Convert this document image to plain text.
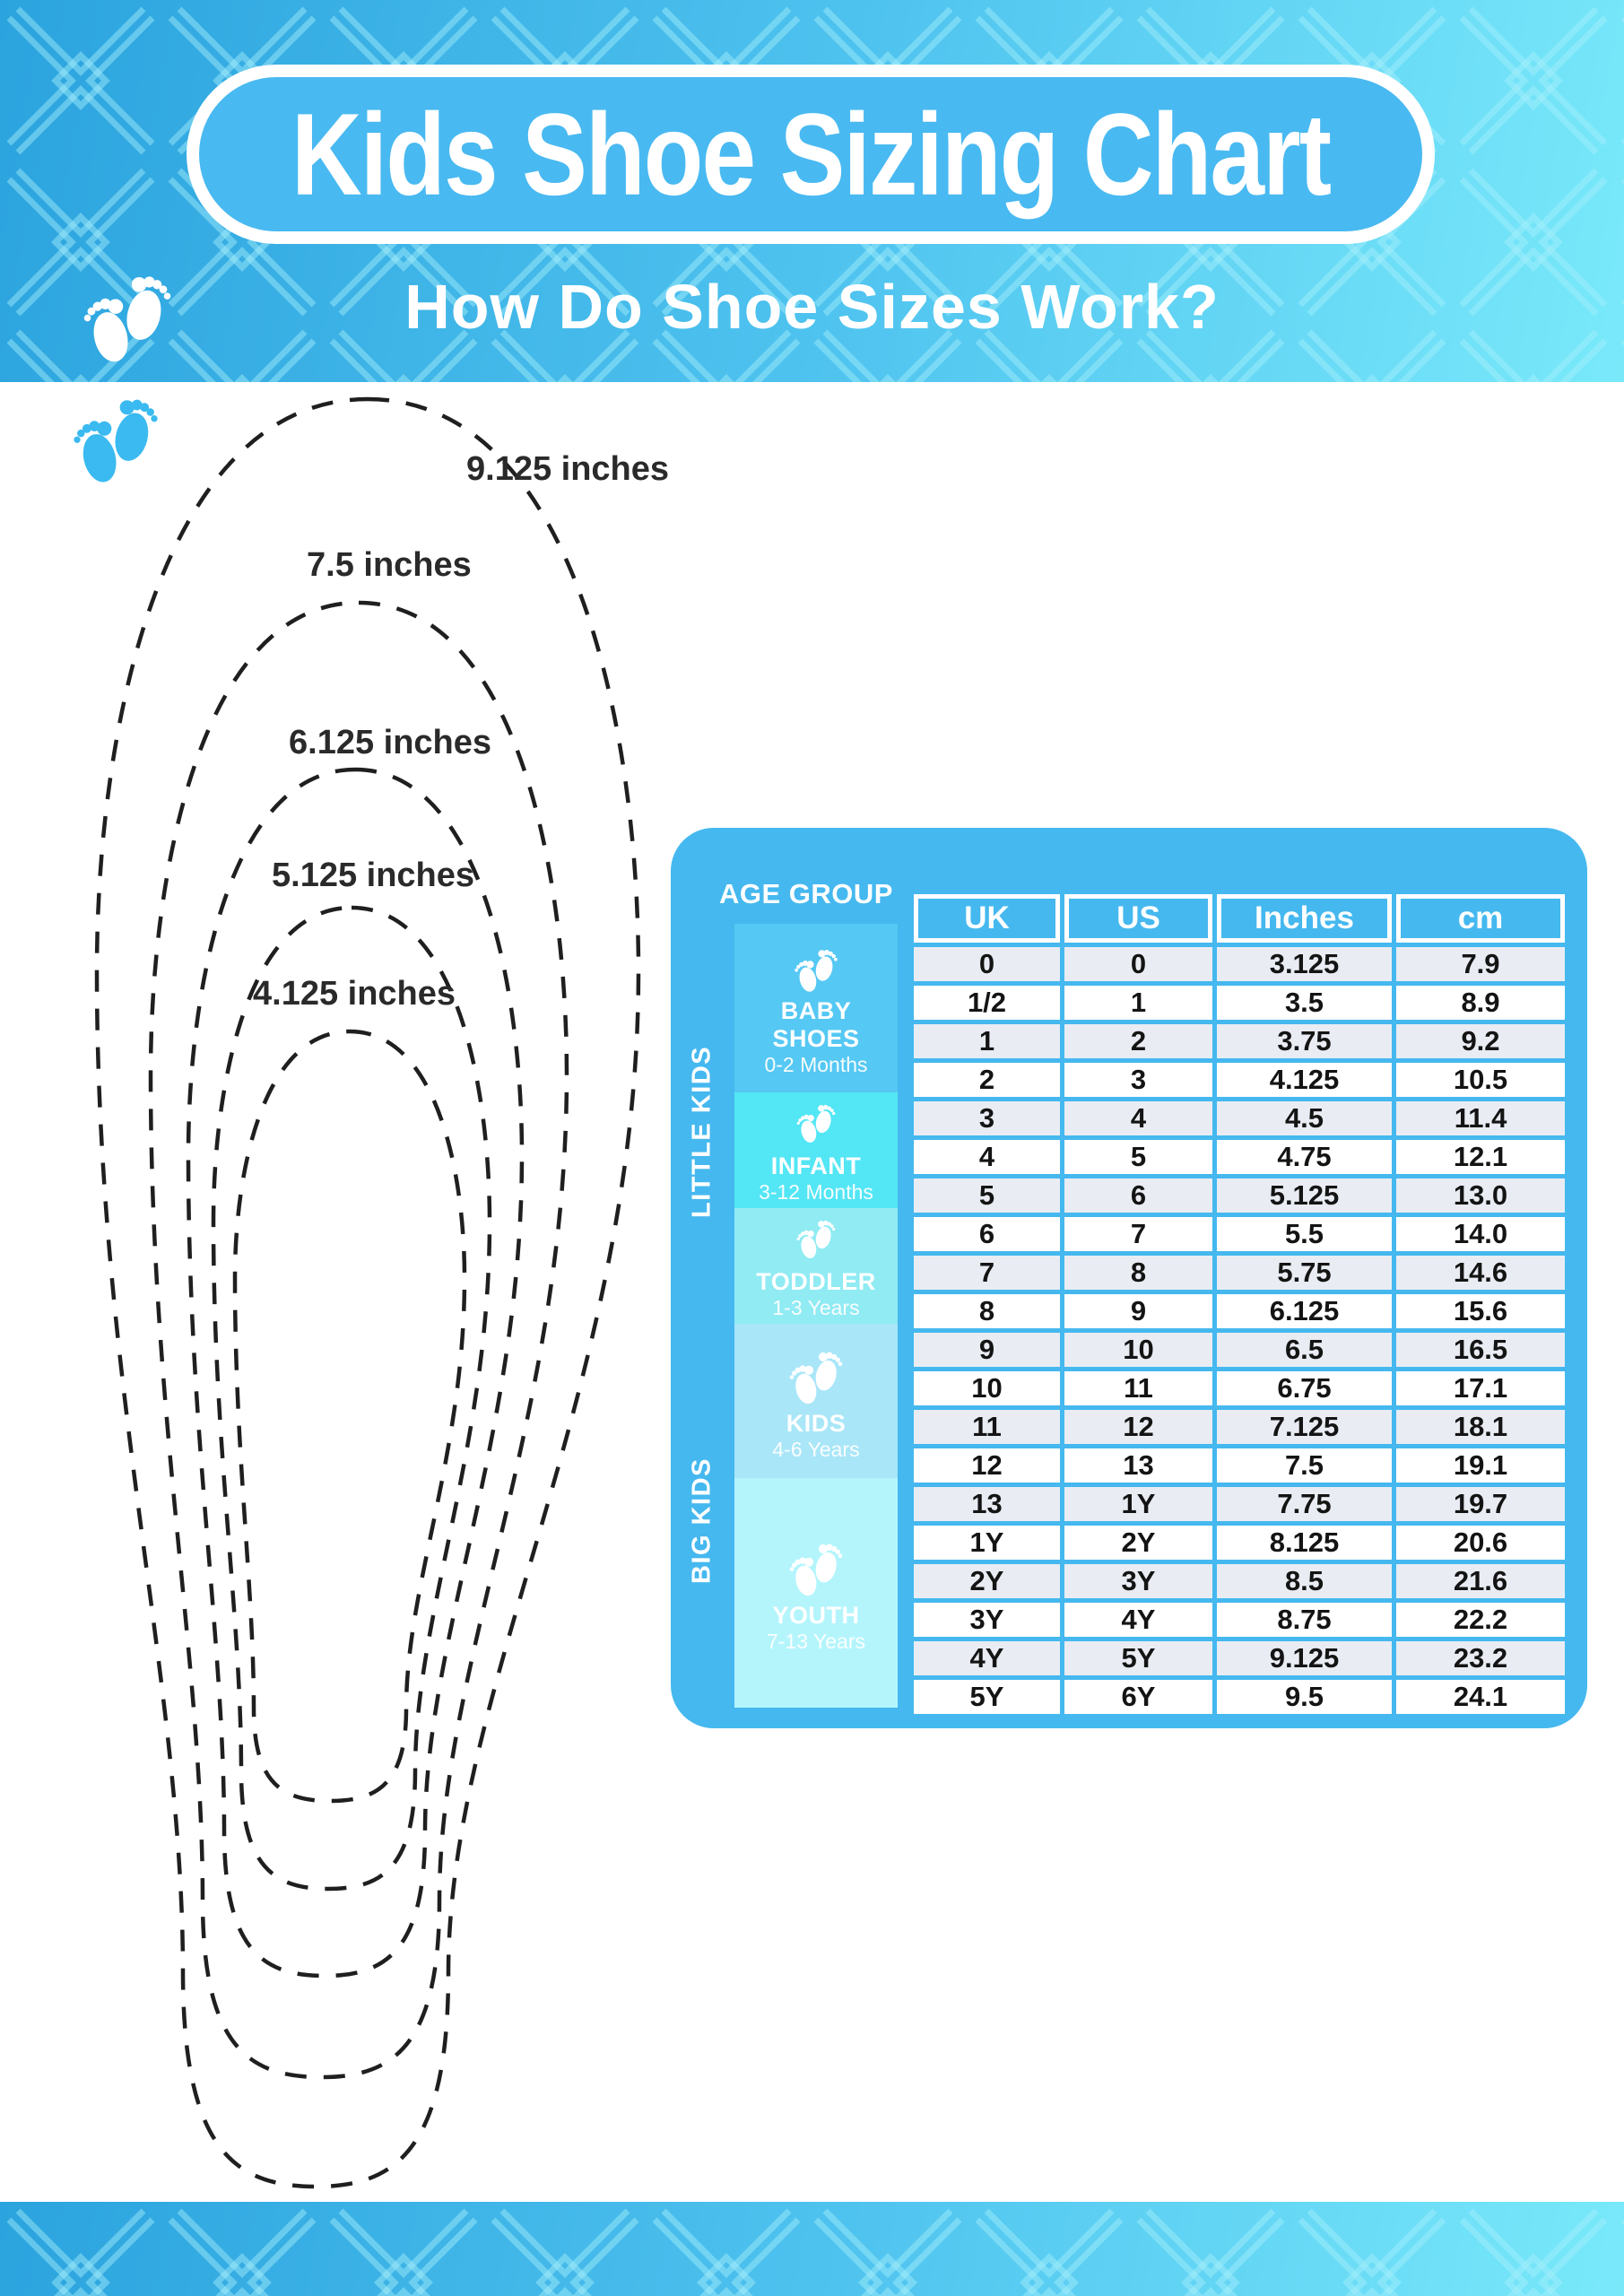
Kids Shoe Sizing Chart
How Do Shoe Sizes Work?
9.125 inches
7.5 inches
6.125 inches
5.125 inches
4.125 inches
AGE GROUP
LITTLE KIDS
BIG KIDS
BABY SHOES
0-2 Months
INFANT
3-12 Months
TODDLER
1-3 Years
KIDS
4-6 Years
YOUTH
7-13 Years
UK	US	Inches	cm
0	0	3.125	7.9
1/2	1	3.5	8.9
1	2	3.75	9.2
2	3	4.125	10.5
3	4	4.5	11.4
4	5	4.75	12.1
5	6	5.125	13.0
6	7	5.5	14.0
7	8	5.75	14.6
8	9	6.125	15.6
9	10	6.5	16.5
10	11	6.75	17.1
11	12	7.125	18.1
12	13	7.5	19.1
13	1Y	7.75	19.7
1Y	2Y	8.125	20.6
2Y	3Y	8.5	21.6
3Y	4Y	8.75	22.2
4Y	5Y	9.125	23.2
5Y	6Y	9.5	24.1
